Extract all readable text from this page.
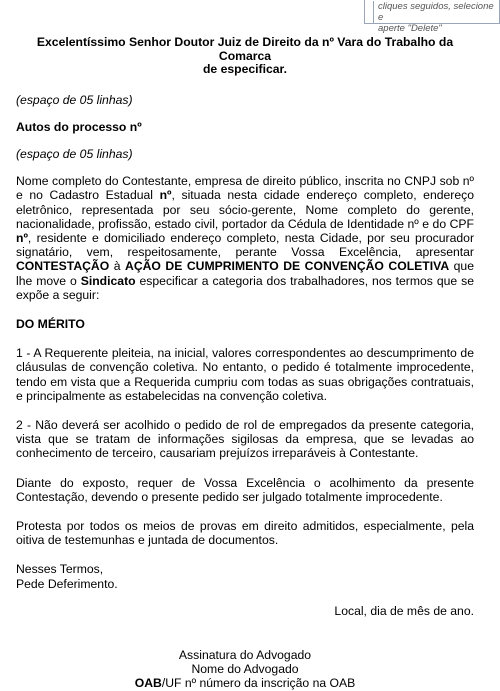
cliques seguidos, selecione e
aperte "Delete"

Excelentíssimo Senhor Doutor Juiz de Direito da nº Vara do Trabalho da Comarca
de especificar.

(espaço de 05 linhas)

Autos do processo nº

(espaço de 05 linhas)

Nome completo do Contestante, empresa de direito público, inscrita no CNPJ sob nº e no Cadastro Estadual nº, situada nesta cidade endereço completo, endereço eletrônico, representada por seu sócio-gerente, Nome completo do gerente, nacionalidade, profissão, estado civil, portador da Cédula de Identidade nº e do CPF nº, residente e domiciliado endereço completo, nesta Cidade, por seu procurador signatário, vem, respeitosamente, perante Vossa Excelência, apresentar CONTESTAÇÃO à AÇÃO DE CUMPRIMENTO DE CONVENÇÃO COLETIVA que lhe move o Sindicato especificar a categoria dos trabalhadores, nos termos que se expõe a seguir:

DO MÉRITO

1 - A Requerente pleiteia, na inicial, valores correspondentes ao descumprimento de cláusulas de convenção coletiva. No entanto, o pedido é totalmente improcedente, tendo em vista que a Requerida cumpriu com todas as suas obrigações contratuais, e principalmente as estabelecidas na convenção coletiva.

2 - Não deverá ser acolhido o pedido de rol de empregados da presente categoria, vista que se tratam de informações sigilosas da empresa, que se levadas ao conhecimento de terceiro, causariam prejuízos irreparáveis à Contestante.

Diante do exposto, requer de Vossa Excelência o acolhimento da presente Contestação, devendo o presente pedido ser julgado totalmente improcedente.

Protesta por todos os meios de provas em direito admitidos, especialmente, pela oitiva de testemunhas e juntada de documentos.

Nesses Termos,
Pede Deferimento.

Local, dia de mês de ano.

Assinatura do Advogado
Nome do Advogado
OAB/UF nº número da inscrição na OAB
